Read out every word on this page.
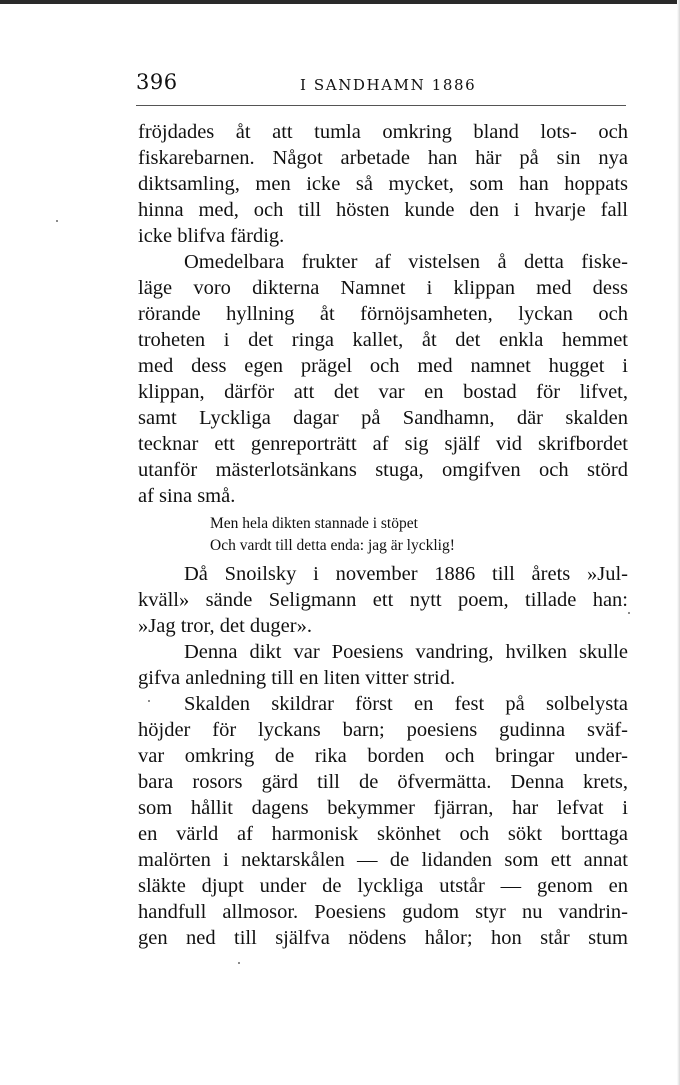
396	I SANDHAMN 1886
fröjdades åt att tumla omkring bland lots- och
fiskarebarnen. Något arbetade han här på sin nya
diktsamling, men icke så mycket, som han hoppats
hinna med, och till hösten kunde den i hvarje fall
icke blifva färdig.
Omedelbara frukter af vistelsen å detta fiske-
läge voro dikterna Namnet i klippan med dess
rörande hyllning åt förnöjsamheten, lyckan och
troheten i det ringa kallet, åt det enkla hemmet
med dess egen prägel och med namnet hugget i
klippan, därför att det var en bostad för lifvet,
samt Lyckliga dagar på Sandhamn, där skalden
tecknar ett genreporträtt af sig själf vid skrifbordet
utanför mästerlotsänkans stuga, omgifven och störd
af sina små.
Men hela dikten stannade i stöpet
Och vardt till detta enda: jag är lycklig!
Då Snoilsky i november 1886 till årets »Jul-
kväll» sände Seligmann ett nytt poem, tillade han:
»Jag tror, det duger».
Denna dikt var Poesiens vandring, hvilken skulle
gifva anledning till en liten vitter strid.
Skalden skildrar först en fest på solbelysta
höjder för lyckans barn; poesiens gudinna sväf-
var omkring de rika borden och bringar under-
bara rosors gärd till de öfvermätta. Denna krets,
som hållit dagens bekymmer fjärran, har lefvat i
en värld af harmonisk skönhet och sökt borttaga
malörten i nektarskålen — de lidanden som ett annat
släkte djupt under de lyckliga utstår — genom en
handfull allmosor. Poesiens gudom styr nu vandrin-
gen ned till själfva nödens hålor; hon står stum
